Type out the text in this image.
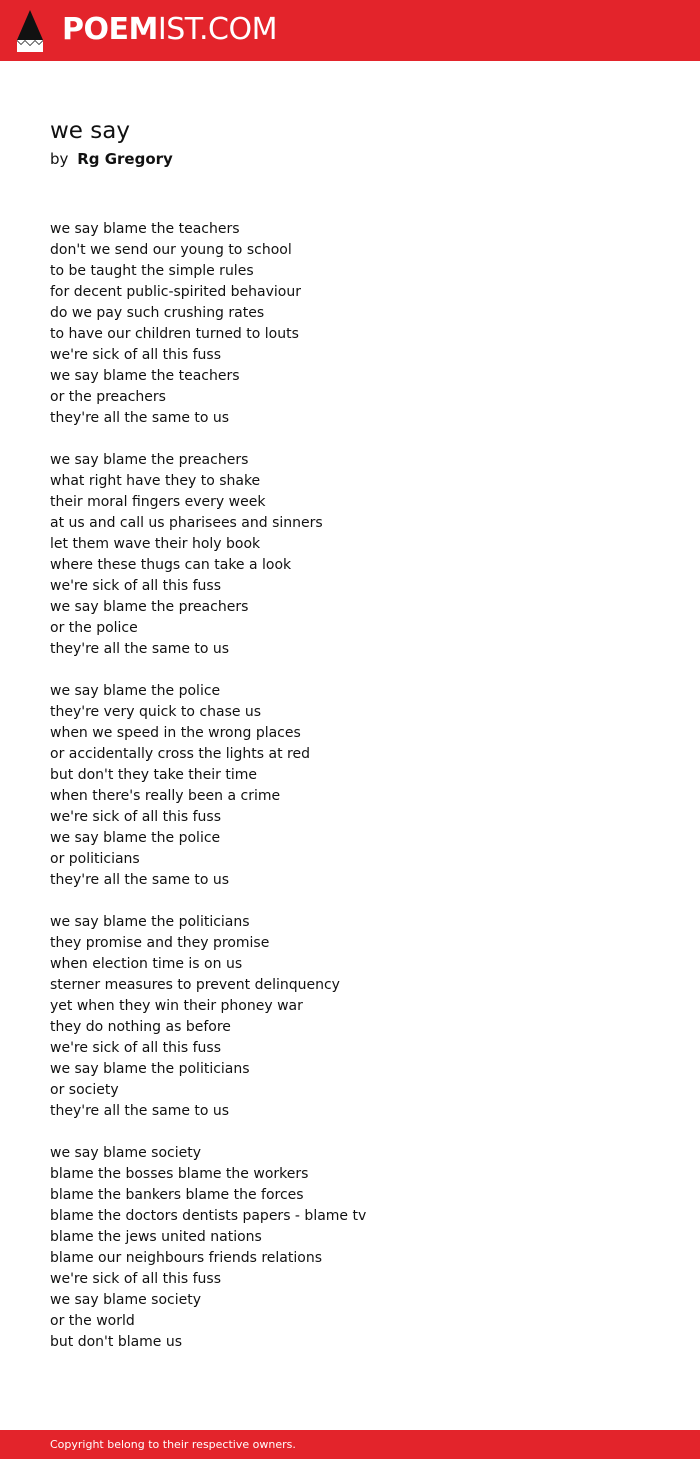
POEMIST.COM
we say
by Rg Gregory
we say blame the teachers
don't we send our young to school
to be taught the simple rules
for decent public-spirited behaviour
do we pay such crushing rates
to have our children turned to louts
we're sick of all this fuss
we say blame the teachers
or the preachers
they're all the same to us
we say blame the preachers
what right have they to shake
their moral fingers every week
at us and call us pharisees and sinners
let them wave their holy book
where these thugs can take a look
we're sick of all this fuss
we say blame the preachers
or the police
they're all the same to us
we say blame the police
they're very quick to chase us
when we speed in the wrong places
or accidentally cross the lights at red
but don't they take their time
when there's really been a crime
we're sick of all this fuss
we say blame the police
or politicians
they're all the same to us
we say blame the politicians
they promise and they promise
when election time is on us
sterner measures to prevent delinquency
yet when they win their phoney war
they do nothing as before
we're sick of all this fuss
we say blame the politicians
or society
they're all the same to us
we say blame society
blame the bosses blame the workers
blame the bankers blame the forces
blame the doctors dentists papers - blame tv
blame the jews united nations
blame our neighbours friends relations
we're sick of all this fuss
we say blame society
or the world
but don't blame us
Copyright belong to their respective owners.
